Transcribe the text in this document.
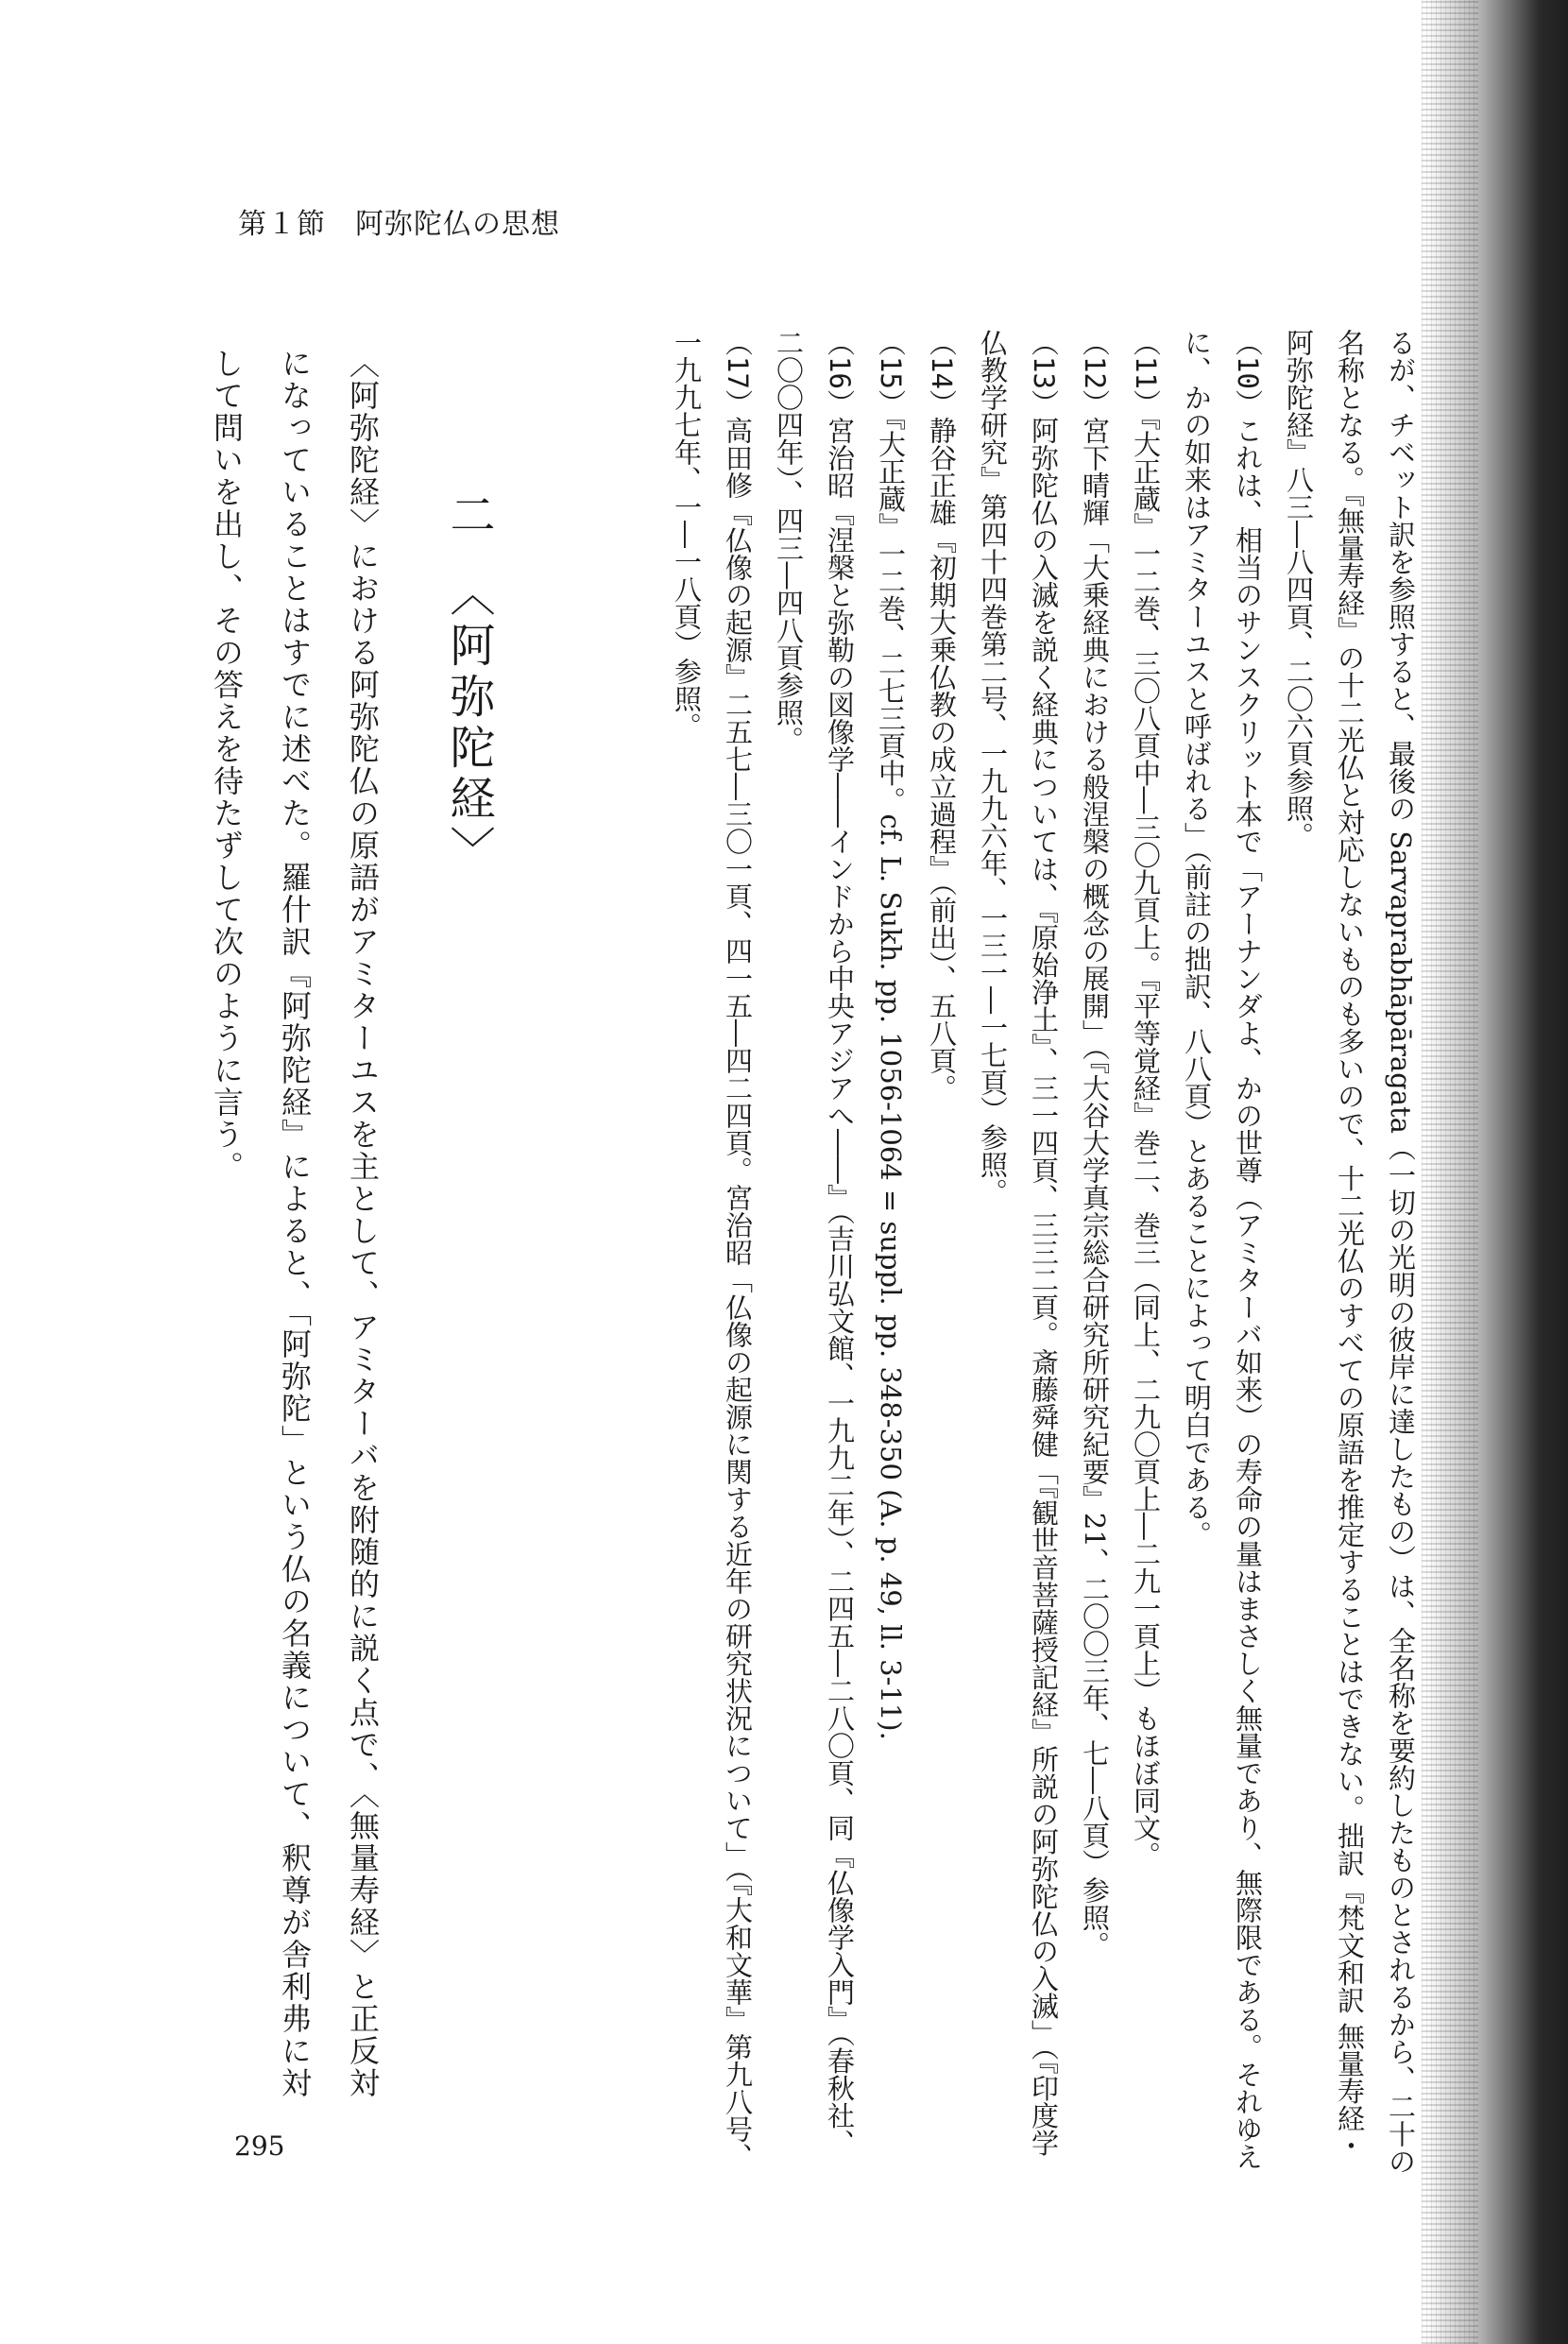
第１節　阿弥陀仏の思想
るが、チベット訳を参照すると、最後の Sarvaprabhāpāragata（一切の光明の彼岸に達したもの）は、全名称を要約したものとされるから、二十の名称となる。『無量寿経』の十二光仏と対応しないものも多いので、十二光仏のすべての原語を推定することはできない。拙訳『梵文和訳 無量寿経・阿弥陀経』八三―八四頁、二〇六頁参照。
（10）これは、相当のサンスクリット本で「アーナンダよ、かの世尊（アミターバ如来）の寿命の量はまさしく無量であり、無際限である。それゆえに、かの如来はアミターユスと呼ばれる」（前註の拙訳、八八頁）とあることによって明白である。
（11）『大正蔵』一二巻、三〇八頁中―三〇九頁上。『平等覚経』巻二、巻三（同上、二九〇頁上―二九一頁上）もほぼ同文。
（12）宮下晴輝「大乗経典における般涅槃の概念の展開」（『大谷大学真宗総合研究所研究紀要』21、二〇〇三年、七―八頁）参照。
（13）阿弥陀仏の入滅を説く経典については、『原始浄土』、三一四頁、三三二頁。斎藤舜健「『観世音菩薩授記経』所説の阿弥陀仏の入滅」（『印度学仏教学研究』第四十四巻第二号、一九九六年、一三一―一七頁）参照。
（14）静谷正雄『初期大乗仏教の成立過程』（前出）、五八頁。
（15）『大正蔵』一二巻、二七三頁中。cf. L. Sukh. pp. 1056-1064 = suppl. pp. 348-350 (A. p. 49, ll. 3-11).
（16）宮治昭『涅槃と弥勒の図像学――インドから中央アジアへ――』（吉川弘文館、一九九二年）、二四五―二八〇頁、同『仏像学入門』（春秋社、二〇〇四年）、四三―四八頁参照。
（17）高田修『仏像の起源』二五七―三〇一頁、四一五―四二四頁。宮治昭「仏像の起源に関する近年の研究状況について」（『大和文華』第九八号、一九九七年、一―一八頁）参照。
二　〈阿弥陀経〉
〈阿弥陀経〉における阿弥陀仏の原語がアミターユスを主として、アミターバを附随的に説く点で、〈無量寿経〉と正反対になっていることはすでに述べた。羅什訳『阿弥陀経』によると、「阿弥陀」という仏の名義について、釈尊が舎利弗に対して問いを出し、その答えを待たずして次のように言う。
295
